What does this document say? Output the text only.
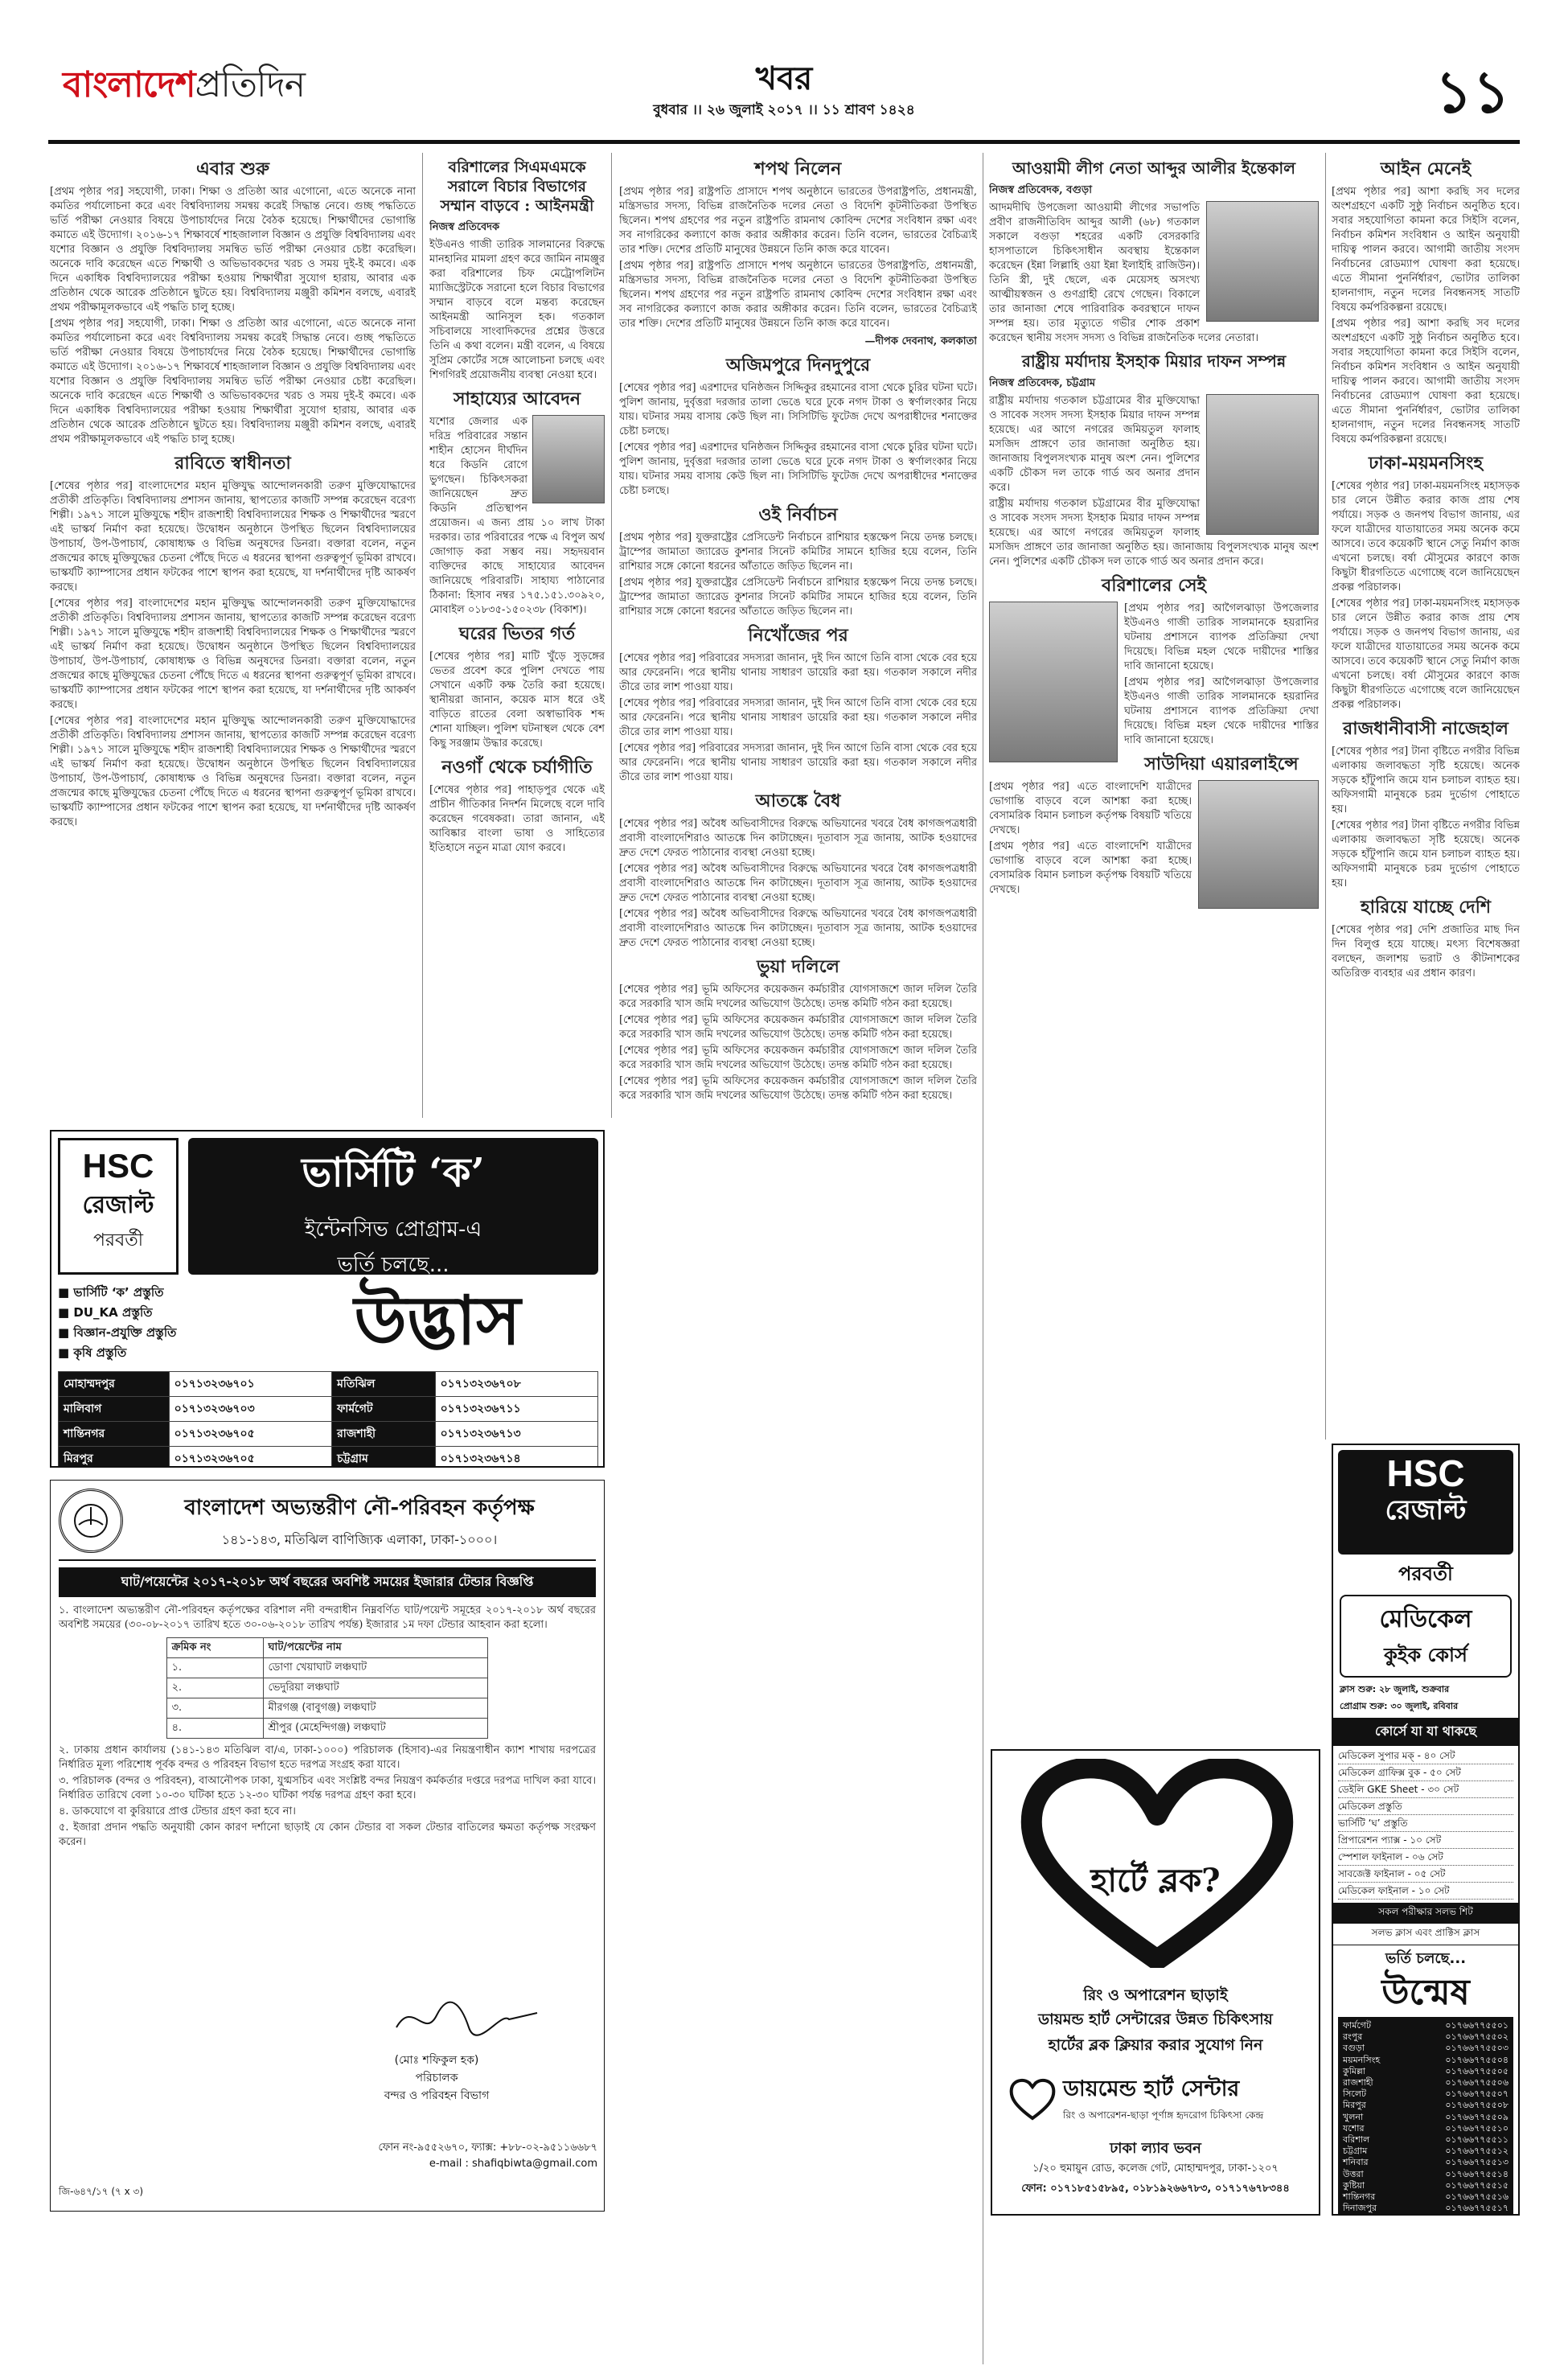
বাংলাদেশপ্রতিদিন	খবর
বুধবার ।। ২৬ জুলাই ২০১৭ ।। ১১ শ্রাবণ ১৪২৪	১১
এবার শুরু

[প্রথম পৃষ্ঠার পর] সহযোগী, ঢাকা। শিক্ষা ও প্রতিষ্ঠা আর এগোনো, এতে অনেকে নানা কমতির পর্যালোচনা করে এবং বিশ্ববিদ্যালয় সমন্বয় করেই সিদ্ধান্ত নেবে। গুচ্ছ পদ্ধতিতে ভর্তি পরীক্ষা নেওয়ার বিষয়ে উপাচার্যদের নিয়ে বৈঠক হয়েছে। শিক্ষার্থীদের ভোগান্তি কমাতে এই উদ্যোগ। ২০১৬-১৭ শিক্ষাবর্ষে শাহজালাল বিজ্ঞান ও প্রযুক্তি বিশ্ববিদ্যালয় এবং যশোর বিজ্ঞান ও প্রযুক্তি বিশ্ববিদ্যালয় সমন্বিত ভর্তি পরীক্ষা নেওয়ার চেষ্টা করেছিল। অনেকে দাবি করেছেন এতে শিক্ষার্থী ও অভিভাবকদের খরচ ও সময় দুই-ই কমবে। এক দিনে একাধিক বিশ্ববিদ্যালয়ের পরীক্ষা হওয়ায় শিক্ষার্থীরা সুযোগ হারায়, আবার এক প্রতিষ্ঠান থেকে আরেক প্রতিষ্ঠানে ছুটতে হয়। বিশ্ববিদ্যালয় মঞ্জুরী কমিশন বলছে, এবারই প্রথম পরীক্ষামূলকভাবে এই পদ্ধতি চালু হচ্ছে।

[প্রথম পৃষ্ঠার পর] সহযোগী, ঢাকা। শিক্ষা ও প্রতিষ্ঠা আর এগোনো, এতে অনেকে নানা কমতির পর্যালোচনা করে এবং বিশ্ববিদ্যালয় সমন্বয় করেই সিদ্ধান্ত নেবে। গুচ্ছ পদ্ধতিতে ভর্তি পরীক্ষা নেওয়ার বিষয়ে উপাচার্যদের নিয়ে বৈঠক হয়েছে। শিক্ষার্থীদের ভোগান্তি কমাতে এই উদ্যোগ। ২০১৬-১৭ শিক্ষাবর্ষে শাহজালাল বিজ্ঞান ও প্রযুক্তি বিশ্ববিদ্যালয় এবং যশোর বিজ্ঞান ও প্রযুক্তি বিশ্ববিদ্যালয় সমন্বিত ভর্তি পরীক্ষা নেওয়ার চেষ্টা করেছিল। অনেকে দাবি করেছেন এতে শিক্ষার্থী ও অভিভাবকদের খরচ ও সময় দুই-ই কমবে। এক দিনে একাধিক বিশ্ববিদ্যালয়ের পরীক্ষা হওয়ায় শিক্ষার্থীরা সুযোগ হারায়, আবার এক প্রতিষ্ঠান থেকে আরেক প্রতিষ্ঠানে ছুটতে হয়। বিশ্ববিদ্যালয় মঞ্জুরী কমিশন বলছে, এবারই প্রথম পরীক্ষামূলকভাবে এই পদ্ধতি চালু হচ্ছে।

রাবিতে স্বাধীনতা

[শেষের পৃষ্ঠার পর] বাংলাদেশের মহান মুক্তিযুদ্ধ আন্দোলনকারী তরুণ মুক্তিযোদ্ধাদের প্রতীকী প্রতিকৃতি। বিশ্ববিদ্যালয় প্রশাসন জানায়, স্থাপত্যের কাজটি সম্পন্ন করেছেন বরেণ্য শিল্পী। ১৯৭১ সালে মুক্তিযুদ্ধে শহীদ রাজশাহী বিশ্ববিদ্যালয়ের শিক্ষক ও শিক্ষার্থীদের স্মরণে এই ভাস্কর্য নির্মাণ করা হয়েছে। উদ্বোধন অনুষ্ঠানে উপস্থিত ছিলেন বিশ্ববিদ্যালয়ের উপাচার্য, উপ-উপাচার্য, কোষাধ্যক্ষ ও বিভিন্ন অনুষদের ডিনরা। বক্তারা বলেন, নতুন প্রজন্মের কাছে মুক্তিযুদ্ধের চেতনা পৌঁছে দিতে এ ধরনের স্থাপনা গুরুত্বপূর্ণ ভূমিকা রাখবে। ভাস্কর্যটি ক্যাম্পাসের প্রধান ফটকের পাশে স্থাপন করা হয়েছে, যা দর্শনার্থীদের দৃষ্টি আকর্ষণ করছে।

[শেষের পৃষ্ঠার পর] বাংলাদেশের মহান মুক্তিযুদ্ধ আন্দোলনকারী তরুণ মুক্তিযোদ্ধাদের প্রতীকী প্রতিকৃতি। বিশ্ববিদ্যালয় প্রশাসন জানায়, স্থাপত্যের কাজটি সম্পন্ন করেছেন বরেণ্য শিল্পী। ১৯৭১ সালে মুক্তিযুদ্ধে শহীদ রাজশাহী বিশ্ববিদ্যালয়ের শিক্ষক ও শিক্ষার্থীদের স্মরণে এই ভাস্কর্য নির্মাণ করা হয়েছে। উদ্বোধন অনুষ্ঠানে উপস্থিত ছিলেন বিশ্ববিদ্যালয়ের উপাচার্য, উপ-উপাচার্য, কোষাধ্যক্ষ ও বিভিন্ন অনুষদের ডিনরা। বক্তারা বলেন, নতুন প্রজন্মের কাছে মুক্তিযুদ্ধের চেতনা পৌঁছে দিতে এ ধরনের স্থাপনা গুরুত্বপূর্ণ ভূমিকা রাখবে। ভাস্কর্যটি ক্যাম্পাসের প্রধান ফটকের পাশে স্থাপন করা হয়েছে, যা দর্শনার্থীদের দৃষ্টি আকর্ষণ করছে।

[শেষের পৃষ্ঠার পর] বাংলাদেশের মহান মুক্তিযুদ্ধ আন্দোলনকারী তরুণ মুক্তিযোদ্ধাদের প্রতীকী প্রতিকৃতি। বিশ্ববিদ্যালয় প্রশাসন জানায়, স্থাপত্যের কাজটি সম্পন্ন করেছেন বরেণ্য শিল্পী। ১৯৭১ সালে মুক্তিযুদ্ধে শহীদ রাজশাহী বিশ্ববিদ্যালয়ের শিক্ষক ও শিক্ষার্থীদের স্মরণে এই ভাস্কর্য নির্মাণ করা হয়েছে। উদ্বোধন অনুষ্ঠানে উপস্থিত ছিলেন বিশ্ববিদ্যালয়ের উপাচার্য, উপ-উপাচার্য, কোষাধ্যক্ষ ও বিভিন্ন অনুষদের ডিনরা। বক্তারা বলেন, নতুন প্রজন্মের কাছে মুক্তিযুদ্ধের চেতনা পৌঁছে দিতে এ ধরনের স্থাপনা গুরুত্বপূর্ণ ভূমিকা রাখবে। ভাস্কর্যটি ক্যাম্পাসের প্রধান ফটকের পাশে স্থাপন করা হয়েছে, যা দর্শনার্থীদের দৃষ্টি আকর্ষণ করছে।

বরিশালের সিএমএমকে সরালে বিচার বিভাগের সম্মান বাড়বে : আইনমন্ত্রী
নিজস্ব প্রতিবেদক

ইউএনও গাজী তারিক সালমানের বিরুদ্ধে মানহানির মামলা গ্রহণ করে জামিন নামঞ্জুর করা বরিশালের চিফ মেট্রোপলিটন ম্যাজিস্ট্রেটকে সরানো হলে বিচার বিভাগের সম্মান বাড়বে বলে মন্তব্য করেছেন আইনমন্ত্রী আনিসুল হক। গতকাল সচিবালয়ে সাংবাদিকদের প্রশ্নের উত্তরে তিনি এ কথা বলেন। মন্ত্রী বলেন, এ বিষয়ে সুপ্রিম কোর্টের সঙ্গে আলোচনা চলছে এবং শিগগিরই প্রয়োজনীয় ব্যবস্থা নেওয়া হবে।

সাহায্যের আবেদন

যশোর জেলার এক দরিদ্র পরিবারের সন্তান শাহীন হোসেন দীর্ঘদিন ধরে কিডনি রোগে ভুগছেন। চিকিৎসকরা জানিয়েছেন দ্রুত কিডনি প্রতিস্থাপন প্রয়োজন। এ জন্য প্রায় ১০ লাখ টাকা দরকার। তার পরিবারের পক্ষে এ বিপুল অর্থ জোগাড় করা সম্ভব নয়। সহৃদয়বান ব্যক্তিদের কাছে সাহায্যের আবেদন জানিয়েছে পরিবারটি। সাহায্য পাঠানোর ঠিকানা: হিসাব নম্বর ১৭৫.১৫১.৩০৯২০, মোবাইল ০১৮৩৫-১৫০২৩৮ (বিকাশ)।

ঘরের ভিতর গর্ত

[শেষের পৃষ্ঠার পর] মাটি খুঁড়ে সুড়ঙ্গের ভেতর প্রবেশ করে পুলিশ দেখতে পায় সেখানে একটি কক্ষ তৈরি করা হয়েছে। স্থানীয়রা জানান, কয়েক মাস ধরে ওই বাড়িতে রাতের বেলা অস্বাভাবিক শব্দ শোনা যাচ্ছিল। পুলিশ ঘটনাস্থল থেকে বেশ কিছু সরঞ্জাম উদ্ধার করেছে।

নওগাঁ থেকে চর্যাগীতি

[শেষের পৃষ্ঠার পর] পাহাড়পুর থেকে এই প্রাচীন গীতিকার নিদর্শন মিলেছে বলে দাবি করেছেন গবেষকরা। তারা জানান, এই আবিষ্কার বাংলা ভাষা ও সাহিত্যের ইতিহাসে নতুন মাত্রা যোগ করবে।

শপথ নিলেন

[প্রথম পৃষ্ঠার পর] রাষ্ট্রপতি প্রাসাদে শপথ অনুষ্ঠানে ভারতের উপরাষ্ট্রপতি, প্রধানমন্ত্রী, মন্ত্রিসভার সদস্য, বিভিন্ন রাজনৈতিক দলের নেতা ও বিদেশি কূটনীতিকরা উপস্থিত ছিলেন। শপথ গ্রহণের পর নতুন রাষ্ট্রপতি রামনাথ কোবিন্দ দেশের সংবিধান রক্ষা এবং সব নাগরিকের কল্যাণে কাজ করার অঙ্গীকার করেন। তিনি বলেন, ভারতের বৈচিত্র্যই তার শক্তি। দেশের প্রতিটি মানুষের উন্নয়নে তিনি কাজ করে যাবেন।

[প্রথম পৃষ্ঠার পর] রাষ্ট্রপতি প্রাসাদে শপথ অনুষ্ঠানে ভারতের উপরাষ্ট্রপতি, প্রধানমন্ত্রী, মন্ত্রিসভার সদস্য, বিভিন্ন রাজনৈতিক দলের নেতা ও বিদেশি কূটনীতিকরা উপস্থিত ছিলেন। শপথ গ্রহণের পর নতুন রাষ্ট্রপতি রামনাথ কোবিন্দ দেশের সংবিধান রক্ষা এবং সব নাগরিকের কল্যাণে কাজ করার অঙ্গীকার করেন। তিনি বলেন, ভারতের বৈচিত্র্যই তার শক্তি। দেশের প্রতিটি মানুষের উন্নয়নে তিনি কাজ করে যাবেন।

—দীপক দেবনাথ, কলকাতা
অজিমপুরে দিনদুপুরে

[শেষের পৃষ্ঠার পর] এরশাদের ঘনিষ্ঠজন সিদ্দিকুর রহমানের বাসা থেকে চুরির ঘটনা ঘটে। পুলিশ জানায়, দুর্বৃত্তরা দরজার তালা ভেঙে ঘরে ঢুকে নগদ টাকা ও স্বর্ণালংকার নিয়ে যায়। ঘটনার সময় বাসায় কেউ ছিল না। সিসিটিভি ফুটেজ দেখে অপরাধীদের শনাক্তের চেষ্টা চলছে।

[শেষের পৃষ্ঠার পর] এরশাদের ঘনিষ্ঠজন সিদ্দিকুর রহমানের বাসা থেকে চুরির ঘটনা ঘটে। পুলিশ জানায়, দুর্বৃত্তরা দরজার তালা ভেঙে ঘরে ঢুকে নগদ টাকা ও স্বর্ণালংকার নিয়ে যায়। ঘটনার সময় বাসায় কেউ ছিল না। সিসিটিভি ফুটেজ দেখে অপরাধীদের শনাক্তের চেষ্টা চলছে।

ওই নির্বাচন

[প্রথম পৃষ্ঠার পর] যুক্তরাষ্ট্রের প্রেসিডেন্ট নির্বাচনে রাশিয়ার হস্তক্ষেপ নিয়ে তদন্ত চলছে। ট্রাম্পের জামাতা জ্যারেড কুশনার সিনেট কমিটির সামনে হাজির হয়ে বলেন, তিনি রাশিয়ার সঙ্গে কোনো ধরনের আঁতাতে জড়িত ছিলেন না।

[প্রথম পৃষ্ঠার পর] যুক্তরাষ্ট্রের প্রেসিডেন্ট নির্বাচনে রাশিয়ার হস্তক্ষেপ নিয়ে তদন্ত চলছে। ট্রাম্পের জামাতা জ্যারেড কুশনার সিনেট কমিটির সামনে হাজির হয়ে বলেন, তিনি রাশিয়ার সঙ্গে কোনো ধরনের আঁতাতে জড়িত ছিলেন না।

নিখোঁজের পর

[শেষের পৃষ্ঠার পর] পরিবারের সদস্যরা জানান, দুই দিন আগে তিনি বাসা থেকে বের হয়ে আর ফেরেননি। পরে স্থানীয় থানায় সাধারণ ডায়েরি করা হয়। গতকাল সকালে নদীর তীরে তার লাশ পাওয়া যায়।

[শেষের পৃষ্ঠার পর] পরিবারের সদস্যরা জানান, দুই দিন আগে তিনি বাসা থেকে বের হয়ে আর ফেরেননি। পরে স্থানীয় থানায় সাধারণ ডায়েরি করা হয়। গতকাল সকালে নদীর তীরে তার লাশ পাওয়া যায়।

[শেষের পৃষ্ঠার পর] পরিবারের সদস্যরা জানান, দুই দিন আগে তিনি বাসা থেকে বের হয়ে আর ফেরেননি। পরে স্থানীয় থানায় সাধারণ ডায়েরি করা হয়। গতকাল সকালে নদীর তীরে তার লাশ পাওয়া যায়।

আতঙ্কে বৈধ

[শেষের পৃষ্ঠার পর] অবৈধ অভিবাসীদের বিরুদ্ধে অভিযানের খবরে বৈধ কাগজপত্রধারী প্রবাসী বাংলাদেশিরাও আতঙ্কে দিন কাটাচ্ছেন। দূতাবাস সূত্র জানায়, আটক হওয়াদের দ্রুত দেশে ফেরত পাঠানোর ব্যবস্থা নেওয়া হচ্ছে।

[শেষের পৃষ্ঠার পর] অবৈধ অভিবাসীদের বিরুদ্ধে অভিযানের খবরে বৈধ কাগজপত্রধারী প্রবাসী বাংলাদেশিরাও আতঙ্কে দিন কাটাচ্ছেন। দূতাবাস সূত্র জানায়, আটক হওয়াদের দ্রুত দেশে ফেরত পাঠানোর ব্যবস্থা নেওয়া হচ্ছে।

[শেষের পৃষ্ঠার পর] অবৈধ অভিবাসীদের বিরুদ্ধে অভিযানের খবরে বৈধ কাগজপত্রধারী প্রবাসী বাংলাদেশিরাও আতঙ্কে দিন কাটাচ্ছেন। দূতাবাস সূত্র জানায়, আটক হওয়াদের দ্রুত দেশে ফেরত পাঠানোর ব্যবস্থা নেওয়া হচ্ছে।

ভুয়া দলিলে

[শেষের পৃষ্ঠার পর] ভূমি অফিসের কয়েকজন কর্মচারীর যোগসাজশে জাল দলিল তৈরি করে সরকারি খাস জমি দখলের অভিযোগ উঠেছে। তদন্ত কমিটি গঠন করা হয়েছে।

[শেষের পৃষ্ঠার পর] ভূমি অফিসের কয়েকজন কর্মচারীর যোগসাজশে জাল দলিল তৈরি করে সরকারি খাস জমি দখলের অভিযোগ উঠেছে। তদন্ত কমিটি গঠন করা হয়েছে।

[শেষের পৃষ্ঠার পর] ভূমি অফিসের কয়েকজন কর্মচারীর যোগসাজশে জাল দলিল তৈরি করে সরকারি খাস জমি দখলের অভিযোগ উঠেছে। তদন্ত কমিটি গঠন করা হয়েছে।

[শেষের পৃষ্ঠার পর] ভূমি অফিসের কয়েকজন কর্মচারীর যোগসাজশে জাল দলিল তৈরি করে সরকারি খাস জমি দখলের অভিযোগ উঠেছে। তদন্ত কমিটি গঠন করা হয়েছে।

আওয়ামী লীগ নেতা আব্দুর আলীর ইন্তেকাল
নিজস্ব প্রতিবেদক, বগুড়া

আদমদীঘি উপজেলা আওয়ামী লীগের সভাপতি প্রবীণ রাজনীতিবিদ আব্দুর আলী (৬৮) গতকাল সকালে বগুড়া শহরের একটি বেসরকারি হাসপাতালে চিকিৎসাধীন অবস্থায় ইন্তেকাল করেছেন (ইন্না লিল্লাহি ওয়া ইন্না ইলাইহি রাজিউন)। তিনি স্ত্রী, দুই ছেলে, এক মেয়েসহ অসংখ্য আত্মীয়স্বজন ও গুণগ্রাহী রেখে গেছেন। বিকালে তার জানাজা শেষে পারিবারিক কবরস্থানে দাফন সম্পন্ন হয়। তার মৃত্যুতে গভীর শোক প্রকাশ করেছেন স্থানীয় সংসদ সদস্য ও বিভিন্ন রাজনৈতিক দলের নেতারা।

রাষ্ট্রীয় মর্যাদায় ইসহাক মিয়ার দাফন সম্পন্ন
নিজস্ব প্রতিবেদক, চট্টগ্রাম

রাষ্ট্রীয় মর্যাদায় গতকাল চট্টগ্রামের বীর মুক্তিযোদ্ধা ও সাবেক সংসদ সদস্য ইসহাক মিয়ার দাফন সম্পন্ন হয়েছে। এর আগে নগরের জমিয়তুল ফালাহ মসজিদ প্রাঙ্গণে তার জানাজা অনুষ্ঠিত হয়। জানাজায় বিপুলসংখ্যক মানুষ অংশ নেন। পুলিশের একটি চৌকস দল তাকে গার্ড অব অনার প্রদান করে।

রাষ্ট্রীয় মর্যাদায় গতকাল চট্টগ্রামের বীর মুক্তিযোদ্ধা ও সাবেক সংসদ সদস্য ইসহাক মিয়ার দাফন সম্পন্ন হয়েছে। এর আগে নগরের জমিয়তুল ফালাহ মসজিদ প্রাঙ্গণে তার জানাজা অনুষ্ঠিত হয়। জানাজায় বিপুলসংখ্যক মানুষ অংশ নেন। পুলিশের একটি চৌকস দল তাকে গার্ড অব অনার প্রদান করে।

বরিশালের সেই

[প্রথম পৃষ্ঠার পর] আগৈলঝাড়া উপজেলার ইউএনও গাজী তারিক সালমানকে হয়রানির ঘটনায় প্রশাসনে ব্যাপক প্রতিক্রিয়া দেখা দিয়েছে। বিভিন্ন মহল থেকে দায়ীদের শাস্তির দাবি জানানো হয়েছে।

[প্রথম পৃষ্ঠার পর] আগৈলঝাড়া উপজেলার ইউএনও গাজী তারিক সালমানকে হয়রানির ঘটনায় প্রশাসনে ব্যাপক প্রতিক্রিয়া দেখা দিয়েছে। বিভিন্ন মহল থেকে দায়ীদের শাস্তির দাবি জানানো হয়েছে।

সাউদিয়া এয়ারলাইন্সে

[প্রথম পৃষ্ঠার পর] এতে বাংলাদেশি যাত্রীদের ভোগান্তি বাড়বে বলে আশঙ্কা করা হচ্ছে। বেসামরিক বিমান চলাচল কর্তৃপক্ষ বিষয়টি খতিয়ে দেখছে।

[প্রথম পৃষ্ঠার পর] এতে বাংলাদেশি যাত্রীদের ভোগান্তি বাড়বে বলে আশঙ্কা করা হচ্ছে। বেসামরিক বিমান চলাচল কর্তৃপক্ষ বিষয়টি খতিয়ে দেখছে।

আইন মেনেই

[প্রথম পৃষ্ঠার পর] আশা করছি সব দলের অংশগ্রহণে একটি সুষ্ঠু নির্বাচন অনুষ্ঠিত হবে। সবার সহযোগিতা কামনা করে সিইসি বলেন, নির্বাচন কমিশন সংবিধান ও আইন অনুযায়ী দায়িত্ব পালন করবে। আগামী জাতীয় সংসদ নির্বাচনের রোডম্যাপ ঘোষণা করা হয়েছে। এতে সীমানা পুনর্নির্ধারণ, ভোটার তালিকা হালনাগাদ, নতুন দলের নিবন্ধনসহ সাতটি বিষয়ে কর্মপরিকল্পনা রয়েছে।

[প্রথম পৃষ্ঠার পর] আশা করছি সব দলের অংশগ্রহণে একটি সুষ্ঠু নির্বাচন অনুষ্ঠিত হবে। সবার সহযোগিতা কামনা করে সিইসি বলেন, নির্বাচন কমিশন সংবিধান ও আইন অনুযায়ী দায়িত্ব পালন করবে। আগামী জাতীয় সংসদ নির্বাচনের রোডম্যাপ ঘোষণা করা হয়েছে। এতে সীমানা পুনর্নির্ধারণ, ভোটার তালিকা হালনাগাদ, নতুন দলের নিবন্ধনসহ সাতটি বিষয়ে কর্মপরিকল্পনা রয়েছে।

ঢাকা-ময়মনসিংহ

[শেষের পৃষ্ঠার পর] ঢাকা-ময়মনসিংহ মহাসড়ক চার লেনে উন্নীত করার কাজ প্রায় শেষ পর্যায়ে। সড়ক ও জনপথ বিভাগ জানায়, এর ফলে যাত্রীদের যাতায়াতের সময় অনেক কমে আসবে। তবে কয়েকটি স্থানে সেতু নির্মাণ কাজ এখনো চলছে। বর্ষা মৌসুমের কারণে কাজ কিছুটা ধীরগতিতে এগোচ্ছে বলে জানিয়েছেন প্রকল্প পরিচালক।

[শেষের পৃষ্ঠার পর] ঢাকা-ময়মনসিংহ মহাসড়ক চার লেনে উন্নীত করার কাজ প্রায় শেষ পর্যায়ে। সড়ক ও জনপথ বিভাগ জানায়, এর ফলে যাত্রীদের যাতায়াতের সময় অনেক কমে আসবে। তবে কয়েকটি স্থানে সেতু নির্মাণ কাজ এখনো চলছে। বর্ষা মৌসুমের কারণে কাজ কিছুটা ধীরগতিতে এগোচ্ছে বলে জানিয়েছেন প্রকল্প পরিচালক।

রাজধানীবাসী নাজেহাল

[শেষের পৃষ্ঠার পর] টানা বৃষ্টিতে নগরীর বিভিন্ন এলাকায় জলাবদ্ধতা সৃষ্টি হয়েছে। অনেক সড়কে হাঁটুপানি জমে যান চলাচল ব্যাহত হয়। অফিসগামী মানুষকে চরম দুর্ভোগ পোহাতে হয়।

[শেষের পৃষ্ঠার পর] টানা বৃষ্টিতে নগরীর বিভিন্ন এলাকায় জলাবদ্ধতা সৃষ্টি হয়েছে। অনেক সড়কে হাঁটুপানি জমে যান চলাচল ব্যাহত হয়। অফিসগামী মানুষকে চরম দুর্ভোগ পোহাতে হয়।

হারিয়ে যাচ্ছে দেশি

[শেষের পৃষ্ঠার পর] দেশি প্রজাতির মাছ দিন দিন বিলুপ্ত হয়ে যাচ্ছে। মৎস্য বিশেষজ্ঞরা বলছেন, জলাশয় ভরাট ও কীটনাশকের অতিরিক্ত ব্যবহার এর প্রধান কারণ।

HSC
রেজাল্ট
পরবর্তী
ভার্সিটি ‘ক’
ইন্টেনসিভ প্রোগ্রাম-এ
ভর্তি চলছে...
■ ভার্সিটি ‘ক’ প্রস্তুতি
■ DU_KA প্রস্তুতি
■ বিজ্ঞান-প্রযুক্তি প্রস্তুতি
■ কৃষি প্রস্তুতি	উদ্ভাস
মোহাম্মদপুর	০১৭১৩২৩৬৭০১	মতিঝিল	০১৭১৩২৩৬৭০৮
মালিবাগ	০১৭১৩২৩৬৭০৩	ফার্মগেট	০১৭১৩২৩৬৭১১
শান্তিনগর	০১৭১৩২৩৬৭০৫	রাজশাহী	০১৭১৩২৩৬৭১৩
মিরপুর	০১৭১৩২৩৬৭০৫	চট্টগ্রাম	০১৭১৩২৩৬৭১৪

বাংলাদেশ অভ্যন্তরীণ নৌ-পরিবহন কর্তৃপক্ষ
১৪১-১৪৩, মতিঝিল বাণিজ্যিক এলাকা, ঢাকা-১০০০।
ঘাট/পয়েন্টের ২০১৭-২০১৮ অর্থ বছরের অবশিষ্ট সময়ের ইজারার টেন্ডার বিজ্ঞপ্তি

১. বাংলাদেশ অভ্যন্তরীণ নৌ-পরিবহন কর্তৃপক্ষের বরিশাল নদী বন্দরাধীন নিম্নবর্ণিত ঘাট/পয়েন্ট সমূহের ২০১৭-২০১৮ অর্থ বছরের অবশিষ্ট সময়ের (৩০-০৮-২০১৭ তারিখ হতে ৩০-০৬-২০১৮ তারিখ পর্যন্ত) ইজারার ১ম দফা টেন্ডার আহবান করা হলো।

ক্রমিক নং	ঘাট/পয়েন্টের নাম
১.	ডোণা খেয়াঘাট লঞ্চঘাট
২.	ভেদুরিয়া লঞ্চঘাট
৩.	মীরগঞ্জ (বাবুগঞ্জ) লঞ্চঘাট
৪.	শ্রীপুর (মেহেন্দিগঞ্জ) লঞ্চঘাট

২. ঢাকায় প্রধান কার্যালয় (১৪১-১৪৩ মতিঝিল বা/এ, ঢাকা-১০০০) পরিচালক (হিসাব)-এর নিয়ন্ত্রণাধীন ক্যাশ শাখায় দরপত্রের নির্ধারিত মূল্য পরিশোধ পূর্বক বন্দর ও পরিবহন বিভাগ হতে দরপত্র সংগ্রহ করা যাবে।

৩. পরিচালক (বন্দর ও পরিবহন), বাআনৌপক ঢাকা, যুগ্মসচিব এবং সংশ্লিষ্ট বন্দর নিয়ন্ত্রণ কর্মকর্তার দপ্তরে দরপত্র দাখিল করা যাবে। নির্ধারিত তারিখে বেলা ১০-৩০ ঘটিকা হতে ১২-৩০ ঘটিকা পর্যন্ত দরপত্র গ্রহণ করা হবে।

৪. ডাকযোগে বা কুরিয়ারে প্রাপ্ত টেন্ডার গ্রহণ করা হবে না।

৫. ইজারা প্রদান পদ্ধতি অনুযায়ী কোন কারণ দর্শানো ছাড়াই যে কোন টেন্ডার বা সকল টেন্ডার বাতিলের ক্ষমতা কর্তৃপক্ষ সংরক্ষণ করেন।

(মোঃ শফিকুল হক)
পরিচালক
বন্দর ও পরিবহন বিভাগ
ফোন নং-৯৫৫২৬৭০, ফ্যাক্স: +৮৮-০২-৯৫১১৬৬৮৭
e-mail : shafiqbiwta@gmail.com
জি-৬৪৭/১৭ (৭ x ৩)
হার্টে ব্লক?
রিং ও অপারেশন ছাড়াই
ডায়মন্ড হার্ট সেন্টারের উন্নত চিকিৎসায়
হার্টের ব্লক ক্লিয়ার করার সুযোগ নিন
ডায়মেন্ড হার্ট সেন্টার
রিং ও অপারেশন-ছাড়া পূর্ণাঙ্গ হৃদরোগ চিকিৎসা কেন্দ্র
ঢাকা ল্যাব ভবন
১/২০ হুমায়ুন রোড, কলেজ গেট, মোহাম্মদপুর, ঢাকা-১২০৭
ফোন: ০১৭১৮৫১৫৮৯৫, ০১৮১৯২৬৬৭৮৩, ০১৭১৭৬৭৮৩৪৪
HSC
রেজাল্ট
পরবর্তী
মেডিকেল
কুইক কোর্স
ক্লাস শুরু: ২৮ জুলাই, শুক্রবার
প্রোগ্রাম শুরু: ৩০ জুলাই, রবিবার
কোর্সে যা যা থাকছে
মেডিকেল সুপার মক্ - ৪০ সেট
মেডিকেল গ্রাফিক্স বুক - ৫০ সেট
ডেইলি GKE Sheet - ৩০ সেট
মেডিকেল প্রস্তুতি
ভার্সিটি ‘ঘ’ প্রস্তুতি
প্রিপারেশন প্যাক্স - ১০ সেট
স্পেশাল ফাইনাল - ০৬ সেট
সাবজেক্ট ফাইনাল - ০৫ সেট
মেডিকেল ফাইনাল - ১০ সেট
সকল পরীক্ষার সলভ শিট
সলভ ক্লাস এবং প্রাক্টিস ক্লাস
ভর্তি চলছে...
উন্মেষ
ফার্মগেট	০১৭৬৬৭৭৫৫০১
রংপুর	০১৭৬৬৭৭৫৫০২
বগুড়া	০১৭৬৬৭৭৫৫০৩
ময়মনসিংহ	০১৭৬৬৭৭৫৫০৪
কুমিল্লা	০১৭৬৬৭৭৫৫০৫
রাজশাহী	০১৭৬৬৭৭৫৫০৬
সিলেট	০১৭৬৬৭৭৫৫০৭
মিরপুর	০১৭৬৬৭৭৫৫০৮
খুলনা	০১৭৬৬৭৭৫৫০৯
যশোর	০১৭৬৬৭৭৫৫১০
বরিশাল	০১৭৬৬৭৭৫৫১১
চট্টগ্রাম	০১৭৬৬৭৭৫৫১২
শনিবার	০১৭৬৬৭৭৫৫১৩
উত্তরা	০১৭৬৬৭৭৫৫১৪
কুষ্টিয়া	০১৭৬৬৭৭৫৫১৫
শান্তিনগর	০১৭৬৬৭৭৫৫১৬
দিনাজপুর	০১৭৬৬৭৭৫৫১৭
